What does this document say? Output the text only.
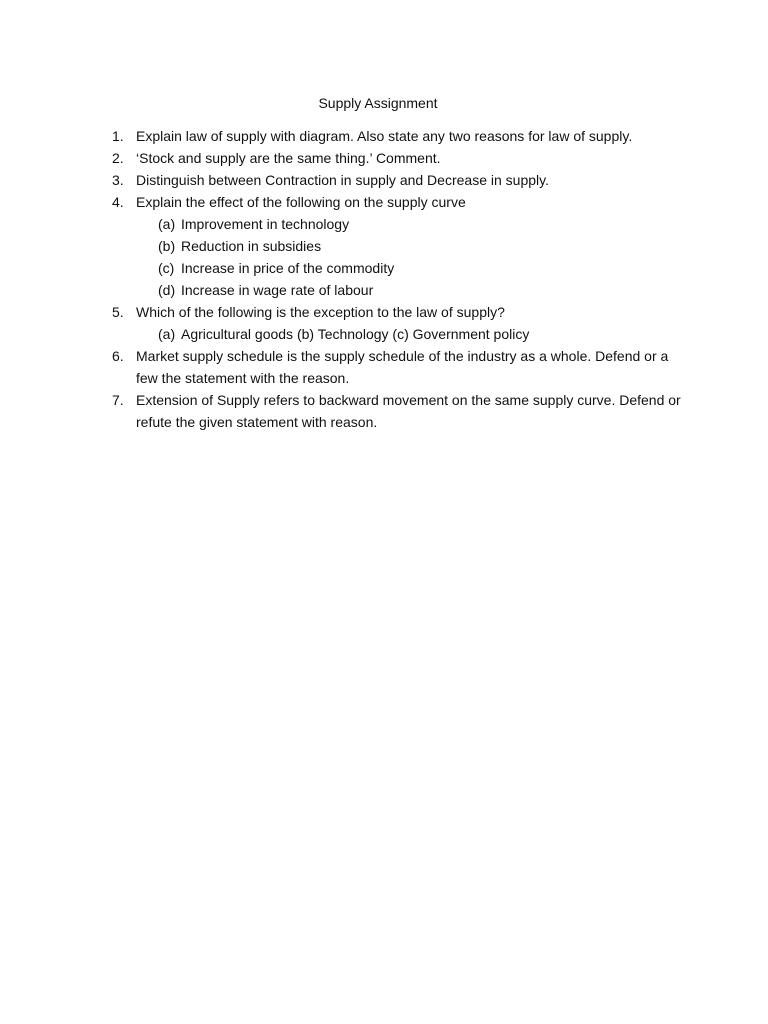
Supply Assignment
1. Explain law of supply with diagram. Also state any two reasons for law of supply.
2. ‘Stock and supply are the same thing.’ Comment.
3. Distinguish between Contraction in supply and Decrease in supply.
4. Explain the effect of the following on the supply curve
(a) Improvement in technology
(b) Reduction in subsidies
(c) Increase in price of the commodity
(d) Increase in wage rate of labour
5. Which of the following is the exception to the law of supply?
(a) Agricultural goods (b) Technology (c) Government policy
6. Market supply schedule is the supply schedule of the industry as a whole. Defend or a few the statement with the reason.
7. Extension of Supply refers to backward movement on the same supply curve. Defend or refute the given statement with reason.
